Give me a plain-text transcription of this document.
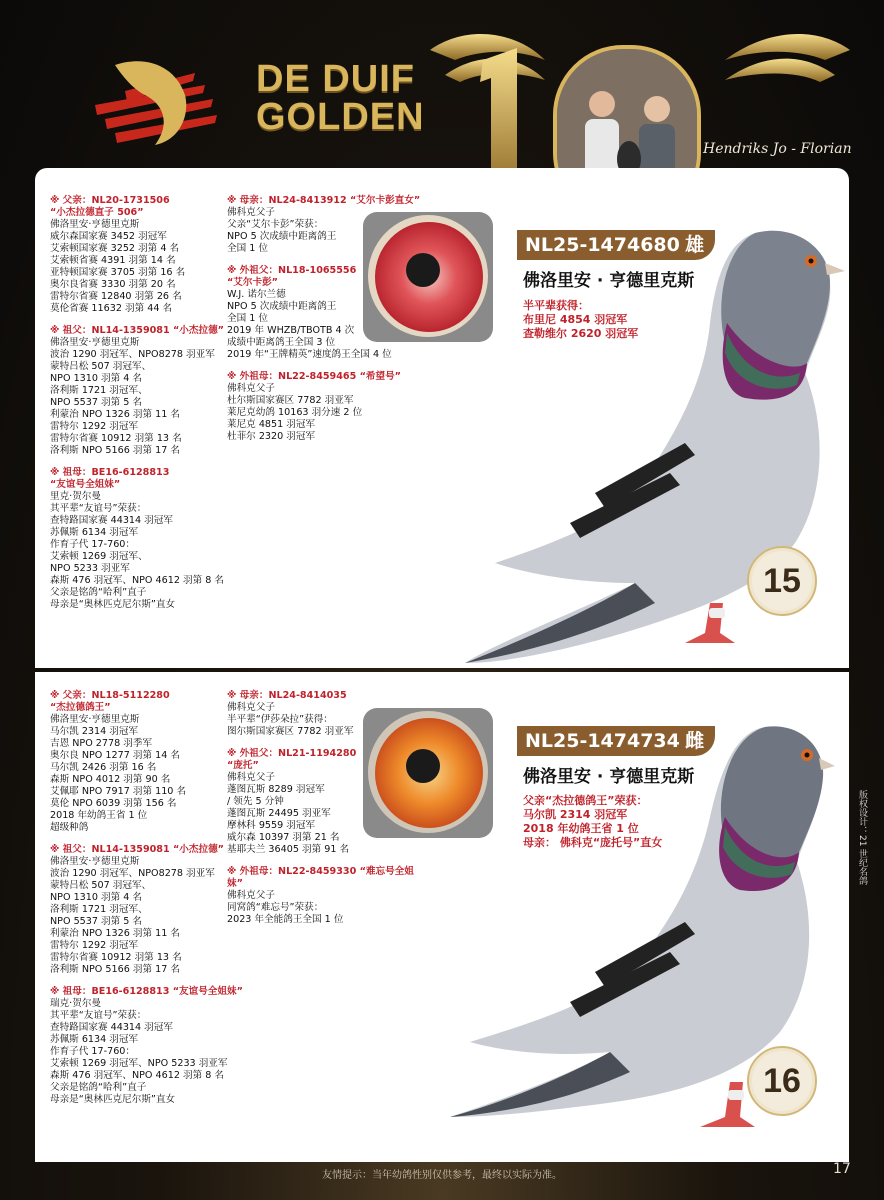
DE DUIF
GOLDEN
Hendriks Jo - Florian

※ 父亲：NL20-1731506

“小杰拉德直子 506”

佛洛里安·亨德里克斯

威尔森国家赛 3452 羽冠军

艾索顿国家赛 3252 羽第 4 名

艾索顿省赛 4391 羽第 14 名

亚特顿国家赛 3705 羽第 16 名

奥尔良省赛 3330 羽第 20 名

雷特尔省赛 12840 羽第 26 名

莫伦省赛 11632 羽第 44 名

※ 祖父：NL14-1359081 “小杰拉德”

佛洛里安·亨德里克斯

波治 1290 羽冠军、NPO8278 羽亚军

蒙特吕松 507 羽冠军、

NPO 1310 羽第 4 名

洛利斯 1721 羽冠军、

NPO 5537 羽第 5 名

利蒙治 NPO 1326 羽第 11 名

雷特尔 1292 羽冠军

雷特尔省赛 10912 羽第 13 名

洛利斯 NPO 5166 羽第 17 名

※ 祖母：BE16-6128813

“友谊号全姐妹”

里克·贺尔曼

其平辈“友谊号”荣获：

查特路国家赛 44314 羽冠军

苏佩斯 6134 羽冠军

作育子代 17-760：

艾索顿 1269 羽冠军、

NPO 5233 羽亚军

森斯 476 羽冠军、NPO 4612 羽第 8 名

父亲是铭鸽“哈利”直子

母亲是“奥林匹克尼尔斯”直女

※ 母亲：NL24-8413912 “艾尔卡彭直女”

佛科克父子

父亲“艾尔卡彭”荣获：

NPO 5 次成绩中距离鸽王

全国 1 位

※ 外祖父：NL18-1065556

“艾尔卡彭”

W.J. 诺尔兰德

NPO 5 次成绩中距离鸽王

全国 1 位

2019 年 WHZB/TBOTB 4 次

成绩中距离鸽王全国 3 位

2019 年“王牌精英”速度鸽王全国 4 位

※ 外祖母：NL22-8459465 “希望号”

佛科克父子

杜尔斯国家赛区 7782 羽亚军

莱尼克幼鸽 10163 羽分速 2 位

莱尼克 4851 羽冠军

杜菲尔 2320 羽冠军

NL25-1474680 雄
佛洛里安 · 亨德里克斯
半平辈获得：
布里尼 4854 羽冠军
查勒维尔 2620 羽冠军
15

※ 父亲：NL18-5112280

“杰拉德鸽王”

佛洛里安·亨德里克斯

马尔凯 2314 羽冠军

吉恩 NPO 2778 羽季军

奥尔良 NPO 1277 羽第 14 名

马尔凯 2426 羽第 16 名

森斯 NPO 4012 羽第 90 名

艾佩耶 NPO 7917 羽第 110 名

莫伦 NPO 6039 羽第 156 名

2018 年幼鸽王省 1 位

超级种鸽

※ 祖父：NL14-1359081 “小杰拉德”

佛洛里安·亨德里克斯

波治 1290 羽冠军、NPO8278 羽亚军

蒙特吕松 507 羽冠军、

NPO 1310 羽第 4 名

洛利斯 1721 羽冠军、

NPO 5537 羽第 5 名

利蒙治 NPO 1326 羽第 11 名

雷特尔 1292 羽冠军

雷特尔省赛 10912 羽第 13 名

洛利斯 NPO 5166 羽第 17 名

※ 祖母：BE16-6128813 “友谊号全姐妹”

瑞克·贺尔曼

其平辈“友谊号”荣获：

查特路国家赛 44314 羽冠军

苏佩斯 6134 羽冠军

作育子代 17-760：

艾索顿 1269 羽冠军、NPO 5233 羽亚军

森斯 476 羽冠军、NPO 4612 羽第 8 名

父亲是铭鸽“哈利”直子

母亲是“奥林匹克尼尔斯”直女

※ 母亲：NL24-8414035

佛科克父子

半平辈“伊莎朵拉”获得：

图尔斯国家赛区 7782 羽亚军

※ 外祖父：NL21-1194280

“庞托”

佛科克父子

蓬图瓦斯 8289 羽冠军

/ 领先 5 分钟

蓬图瓦斯 24495 羽亚军

摩林科 9559 羽冠军

威尔森 10397 羽第 21 名

基耶夫兰 36405 羽第 91 名

※ 外祖母：NL22-8459330 “难忘号全姐妹”

佛科克父子

同窝鸽“难忘号”荣获：

2023 年全能鸽王全国 1 位

NL25-1474734 雌
佛洛里安 · 亨德里克斯
父亲“杰拉德鸽王”荣获：
马尔凯 2314 羽冠军
2018 年幼鸽王省 1 位
母亲： 佛科克“庞托号”直女
16
版权设计：21 世纪名鸽
友情提示：当年幼鸽性别仅供参考，最终以实际为准。	17
